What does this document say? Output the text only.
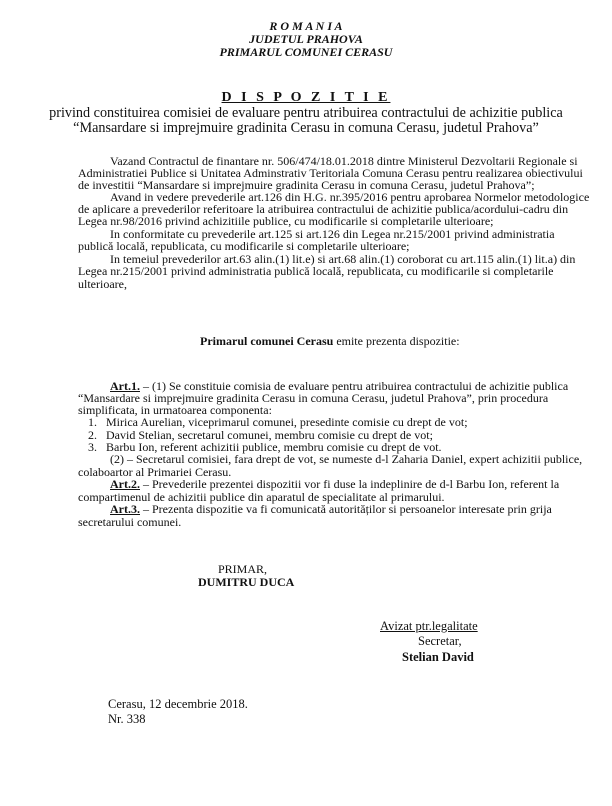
R O M A N I A
JUDETUL PRAHOVA
PRIMARUL COMUNEI CERASU
D I S P O Z I T I E
privind constituirea comisiei de evaluare pentru atribuirea contractului de achizitie publica
“Mansardare si imprejmuire gradinita Cerasu in comuna Cerasu, judetul Prahova”
Vazand Contractul de finantare nr. 506/474/18.01.2018 dintre Ministerul Dezvoltarii Regionale si
Administratiei Publice si Unitatea Adminstrativ Teritoriala Comuna Cerasu pentru realizarea obiectivului
de investitii “Mansardare si imprejmuire gradinita Cerasu in comuna Cerasu, judetul Prahova”;
Avand in vedere prevederile art.126 din H.G. nr.395/2016 pentru aprobarea Normelor metodologice
de aplicare a prevederilor referitoare la atribuirea contractului de achizitie publica/acordului-cadru din
Legea nr.98/2016 privind achizitiile publice, cu modificarile si completarile ulterioare;
In conformitate cu prevederile art.125 si art.126 din Legea nr.215/2001 privind administratia
publică locală, republicata, cu modificarile si completarile ulterioare;
In temeiul prevederilor art.63 alin.(1) lit.e) si art.68 alin.(1) coroborat cu art.115 alin.(1) lit.a) din
Legea nr.215/2001 privind administratia publică locală, republicata, cu modificarile si completarile
ulterioare,
Primarul comunei Cerasu emite prezenta dispozitie:
Art.1. – (1) Se constituie comisia de evaluare pentru atribuirea contractului de achizitie publica
“Mansardare si imprejmuire gradinita Cerasu in comuna Cerasu, judetul Prahova”, prin procedura
simplificata, in urmatoarea componenta:
1. Mirica Aurelian, viceprimarul comunei, presedinte comisie cu drept de vot;
2. David Stelian, secretarul comunei, membru comisie cu drept de vot;
3. Barbu Ion, referent achizitii publice, membru comisie cu drept de vot.
(2) – Secretarul comisiei, fara drept de vot, se numeste d-l Zaharia Daniel, expert achizitii publice,
colaboartor al Primariei Cerasu.
Art.2. – Prevederile prezentei dispozitii vor fi duse la indeplinire de d-l Barbu Ion, referent la
compartimenul de achizitii publice din aparatul de specialitate al primarului.
Art.3. – Prezenta dispozitie va fi comunicată autorităților si persoanelor interesate prin grija
secretarului comunei.
PRIMAR,
DUMITRU DUCA
Avizat ptr.legalitate
Secretar,
Stelian David
Cerasu, 12 decembrie 2018.
Nr. 338
